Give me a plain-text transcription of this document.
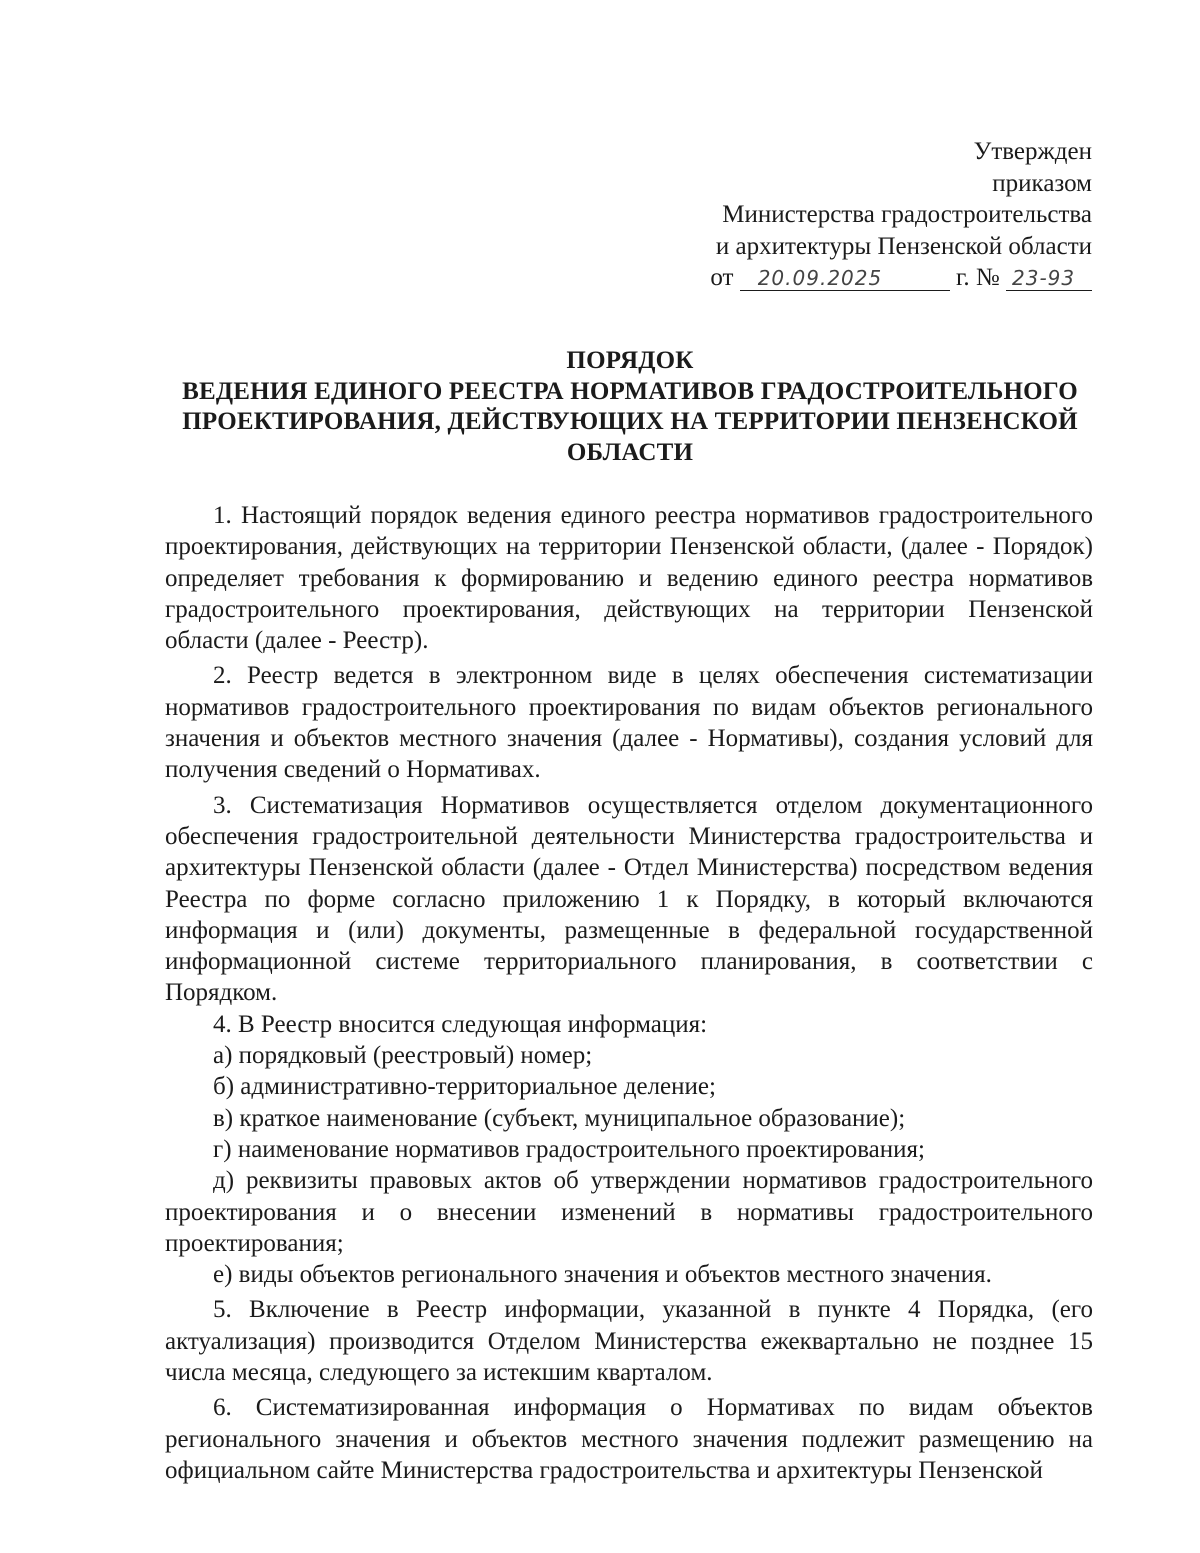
Утвержден
приказом
Министерства градостроительства
и архитектуры Пензенской области
от 20.09.2025	г. № 23-93
ПОРЯДОК
ВЕДЕНИЯ ЕДИНОГО РЕЕСТРА НОРМАТИВОВ ГРАДОСТРОИТЕЛЬНОГО
ПРОЕКТИРОВАНИЯ, ДЕЙСТВУЮЩИХ НА ТЕРРИТОРИИ ПЕНЗЕНСКОЙ
ОБЛАСТИ

1. Настоящий порядок ведения единого реестра нормативов градостроительного проектирования, действующих на территории Пензенской области, (далее - Порядок) определяет требования к формированию и ведению единого реестра нормативов градостроительного проектирования, действующих на территории Пензенской области (далее - Реестр).

2. Реестр ведется в электронном виде в целях обеспечения систематизации нормативов градостроительного проектирования по видам объектов регионального значения и объектов местного значения (далее - Нормативы), создания условий для получения сведений о Нормативах.

3. Систематизация Нормативов осуществляется отделом документационного обеспечения градостроительной деятельности Министерства градостроительства и архитектуры Пензенской области (далее - Отдел Министерства) посредством ведения Реестра по форме согласно приложению 1 к Порядку, в который включаются информация и (или) документы, размещенные в федеральной государственной информационной системе территориального планирования, в соответствии с Порядком.

4. В Реестр вносится следующая информация:

а) порядковый (реестровый) номер;

б) административно-территориальное деление;

в) краткое наименование (субъект, муниципальное образование);

г) наименование нормативов градостроительного проектирования;

д) реквизиты правовых актов об утверждении нормативов градостроительного проектирования и о внесении изменений в нормативы градостроительного проектирования;

е) виды объектов регионального значения и объектов местного значения.

5. Включение в Реестр информации, указанной в пункте 4 Порядка, (его актуализация) производится Отделом Министерства ежеквартально не позднее 15 числа месяца, следующего за истекшим кварталом.

6. Систематизированная информация о Нормативах по видам объектов регионального значения и объектов местного значения подлежит размещению на официальном сайте Министерства градостроительства и архитектуры Пензенской
